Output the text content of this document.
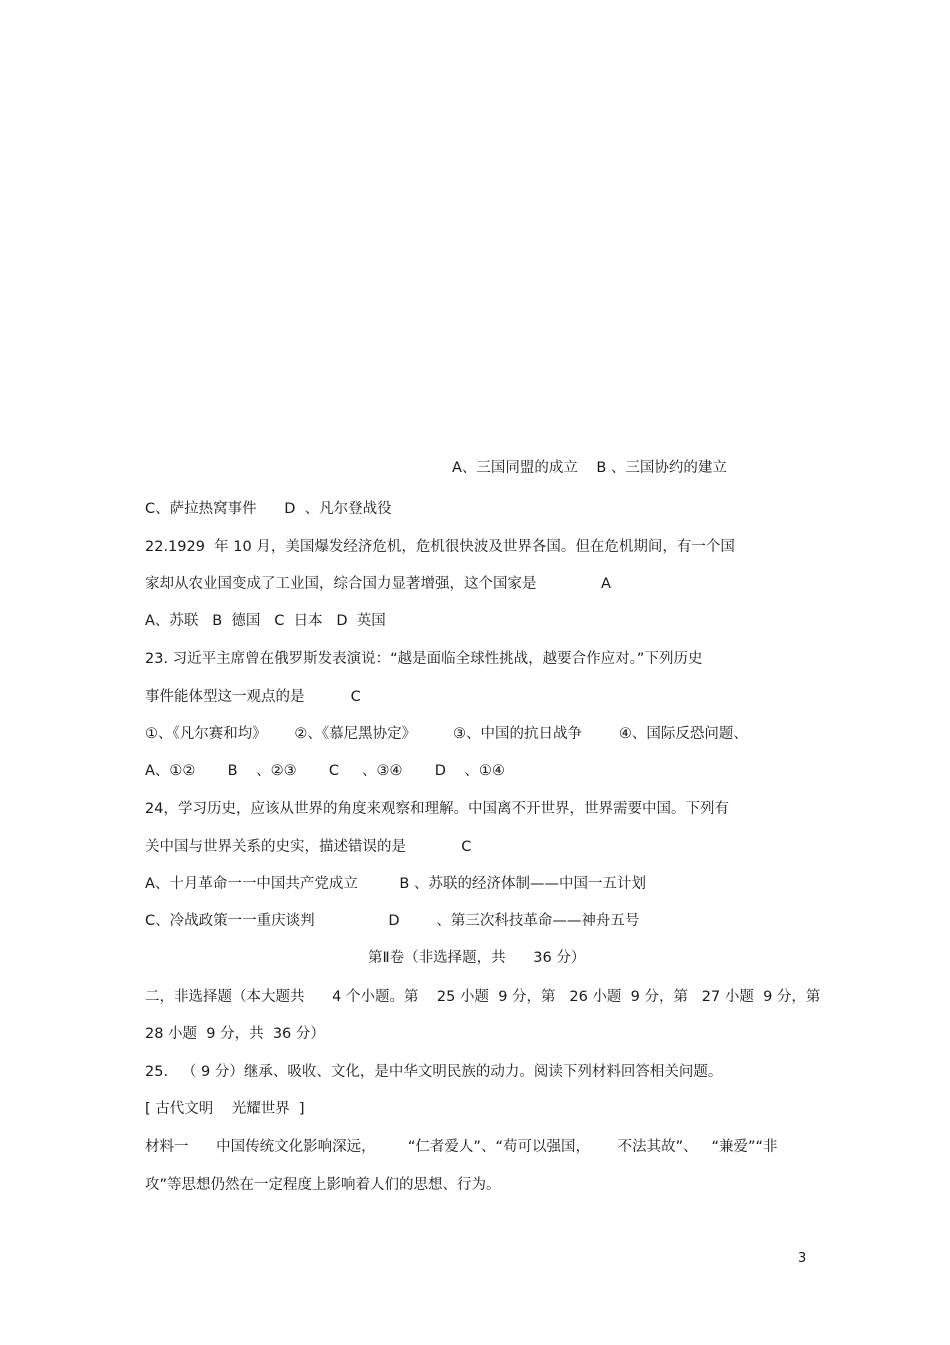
A、三国同盟的成立    B 、三国协约的建立
C、萨拉热窝事件      D  、凡尔登战役
22.1929  年 10 月，美国爆发经济危机，危机很快波及世界各国。但在危机期间，有一个国
家却从农业国变成了工业国，综合国力显著增强，这个国家是              A
A、苏联   B  德国   C  日本   D  英国
23. 习近平主席曾在俄罗斯发表演说：“越是面临全球性挑战，越要合作应对。”下列历史
事件能体型这一观点的是          C
①、《凡尔赛和均》      ②、《慕尼黑协定》        ③、中国的抗日战争        ④、国际反恐问题、
A、①②       B    、②③       C     、③④       D    、①④
24，学习历史，应该从世界的角度来观察和理解。中国离不开世界，世界需要中国。下列有
关中国与世界关系的史实，描述错误的是            C
A、十月革命一一中国共产党成立         B 、苏联的经济体制——中国一五计划
C、冷战政策一一重庆谈判                D        、第三次科技革命——神舟五号
第Ⅱ卷（非选择题，共      36 分）
二，非选择题（本大题共      4 个小题。第    25 小题  9 分，第   26 小题  9 分，第   27 小题  9 分，第
28 小题  9 分，共  36 分）
25.   （ 9 分）继承、吸收、文化，是中华文明民族的动力。阅读下列材料回答相关问题。
[ 古代文明    光耀世界  ]
材料一      中国传统文化影响深远，       “仁者爱人”、“苟可以强国，      不法其故”、   “兼爱”“非
攻”等思想仍然在一定程度上影响着人们的思想、行为。
3
